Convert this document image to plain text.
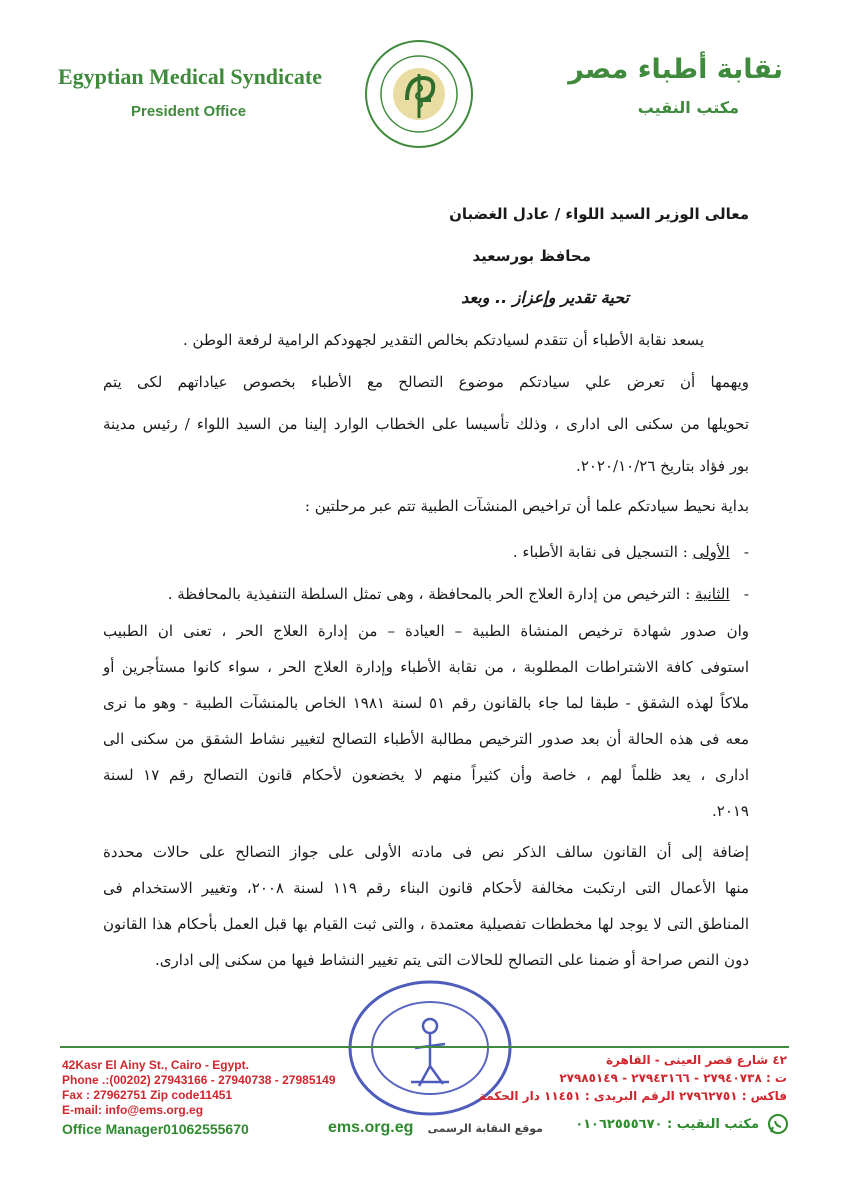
Egyptian Medical Syndicate
President Office
نقابة أطباء مصر
مكتب النقيب
معالى الوزير السيد اللواء / عادل الغضبان
محافظ بورسعيد
تحية تقدير وإعزاز .. وبعد
يسعد نقابة الأطباء أن تتقدم لسيادتكم بخالص التقدير لجهودكم الرامية لرفعة الوطن .
ويهمها أن تعرض علي سيادتكم موضوع التصالح مع الأطباء بخصوص عياداتهم لكى يتم
تحويلها من سكنى الى ادارى ، وذلك تأسيسا على الخطاب الوارد إلينا من السيد اللواء / رئيس مدينة
بور فؤاد بتاريخ ٢٠٢٠/١٠/٢٦.
بداية نحيط سيادتكم علما أن تراخيص المنشآت الطبية تتم عبر مرحلتين :
-   الأولى : التسجيل فى نقابة الأطباء .
-   الثانية : الترخيص من إدارة العلاج الحر بالمحافظة ، وهى تمثل السلطة التنفيذية بالمحافظة .
وان صدور شهادة ترخيص المنشاة الطبية – العيادة – من إدارة العلاج الحر ، تعنى ان الطبيب
استوفى كافة الاشتراطات المطلوبة ، من نقابة الأطباء وإدارة العلاج الحر ، سواء كانوا مستأجرين أو
ملاكاً لهذه الشقق - طبقا لما جاء بالقانون رقم ٥١ لسنة ١٩٨١ الخاص بالمنشآت الطبية - وهو ما نرى
معه فى هذه الحالة أن بعد صدور الترخيص مطالبة الأطباء التصالح لتغيير نشاط الشقق من سكنى الى
ادارى ، يعد ظلماً لهم ، خاصة وأن كثيراً منهم لا يخضعون لأحكام قانون التصالح رقم ١٧ لسنة
٢٠١٩.
إضافة إلى أن القانون سالف الذكر نص فى مادته الأولى على جواز التصالح على حالات محددة
منها الأعمال التى ارتكبت مخالفة لأحكام قانون البناء رقم ١١٩ لسنة ٢٠٠٨، وتغيير الاستخدام فى
المناطق التى لا يوجد لها مخططات تفصيلية معتمدة ، والتى ثبت القيام بها قبل العمل بأحكام هذا القانون
دون النص صراحة أو ضمنا على التصالح للحالات التى يتم تغيير النشاط فيها من سكنى إلى ادارى.
42Kasr El Ainy St., Cairo - Egypt.
Phone .:(00202) 27943166 - 27940738 - 27985149
Fax : 27962751 Zip code11451
E-mail: info@ems.org.eg
Office Manager01062555670	ems.org.eg موقع النقابة الرسمى
٤٢ شارع قصر العينى - القاهرة
ت : ٢٧٩٤٠٧٣٨ - ٢٧٩٤٣١٦٦ - ٢٧٩٨٥١٤٩
فاكس : ٢٧٩٦٢٧٥١ الرقم البريدى : ١١٤٥١ دار الحكمة
مكتب النقيب : ٠١٠٦٢٥٥٥٦٧٠
